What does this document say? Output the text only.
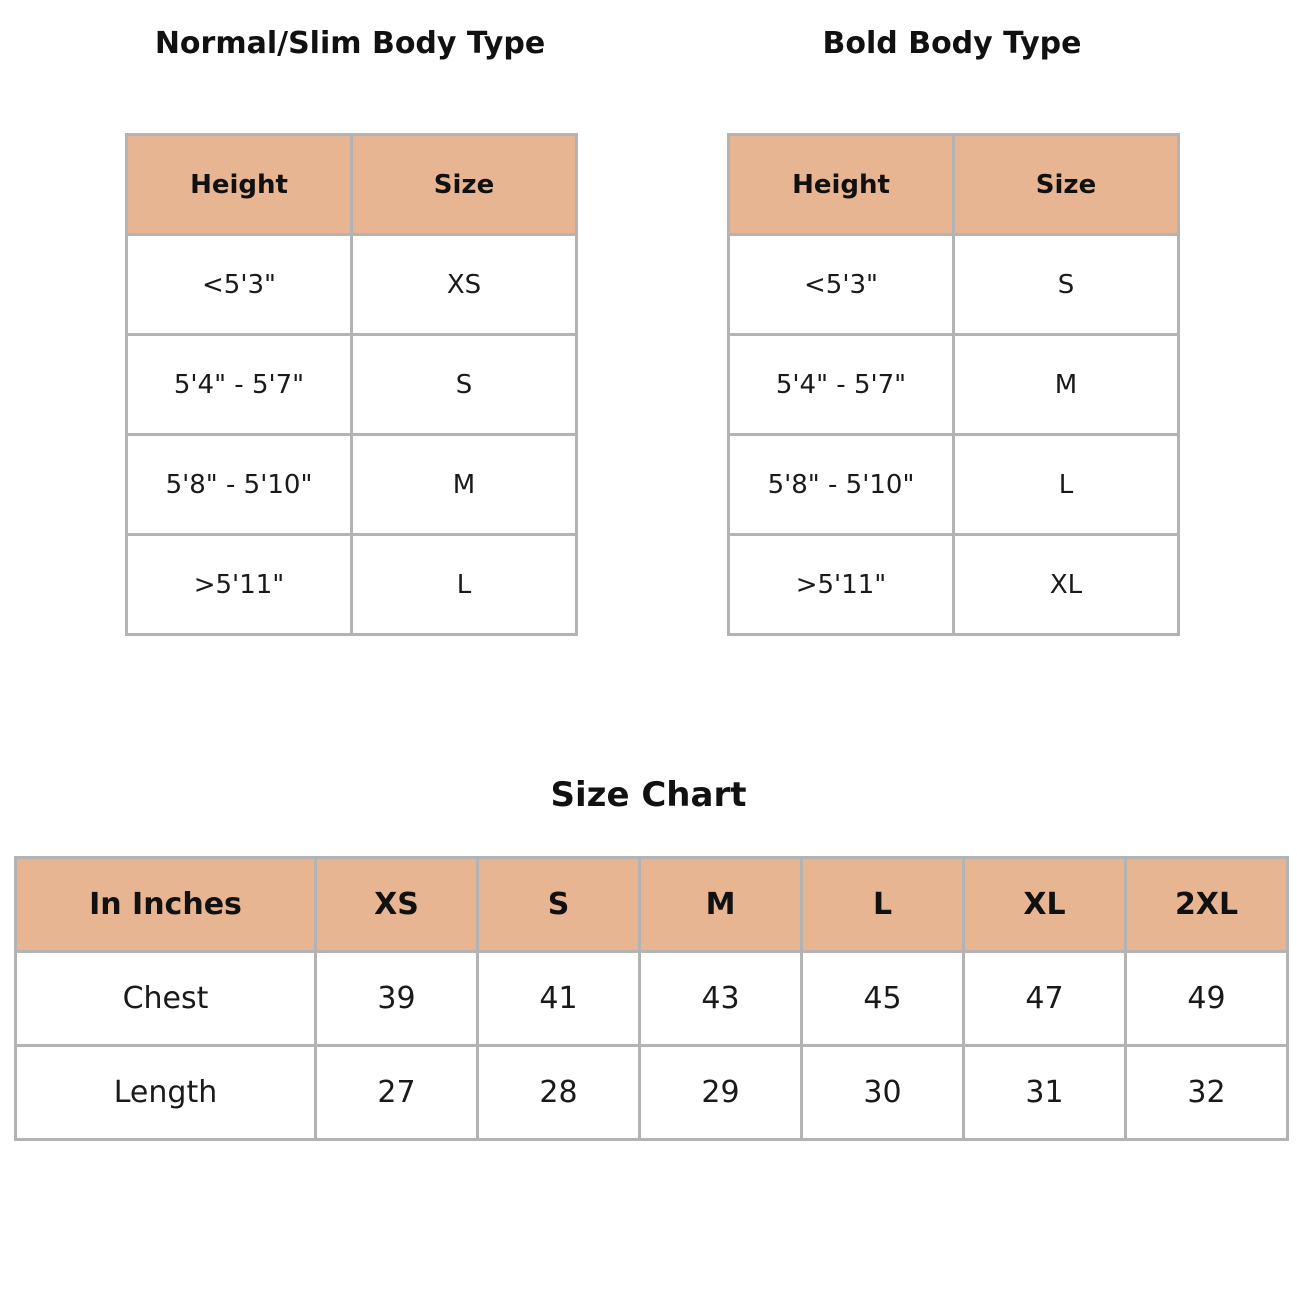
Normal/Slim Body Type	Bold Body Type
Height	Size
<5'3"	XS
5'4" - 5'7"	S
5'8" - 5'10"	M
>5'11"	L
Height	Size
<5'3"	S
5'4" - 5'7"	M
5'8" - 5'10"	L
>5'11"	XL
Size Chart
In Inches	XS	S	M	L	XL	2XL
Chest	39	41	43	45	47	49
Length	27	28	29	30	31	32
